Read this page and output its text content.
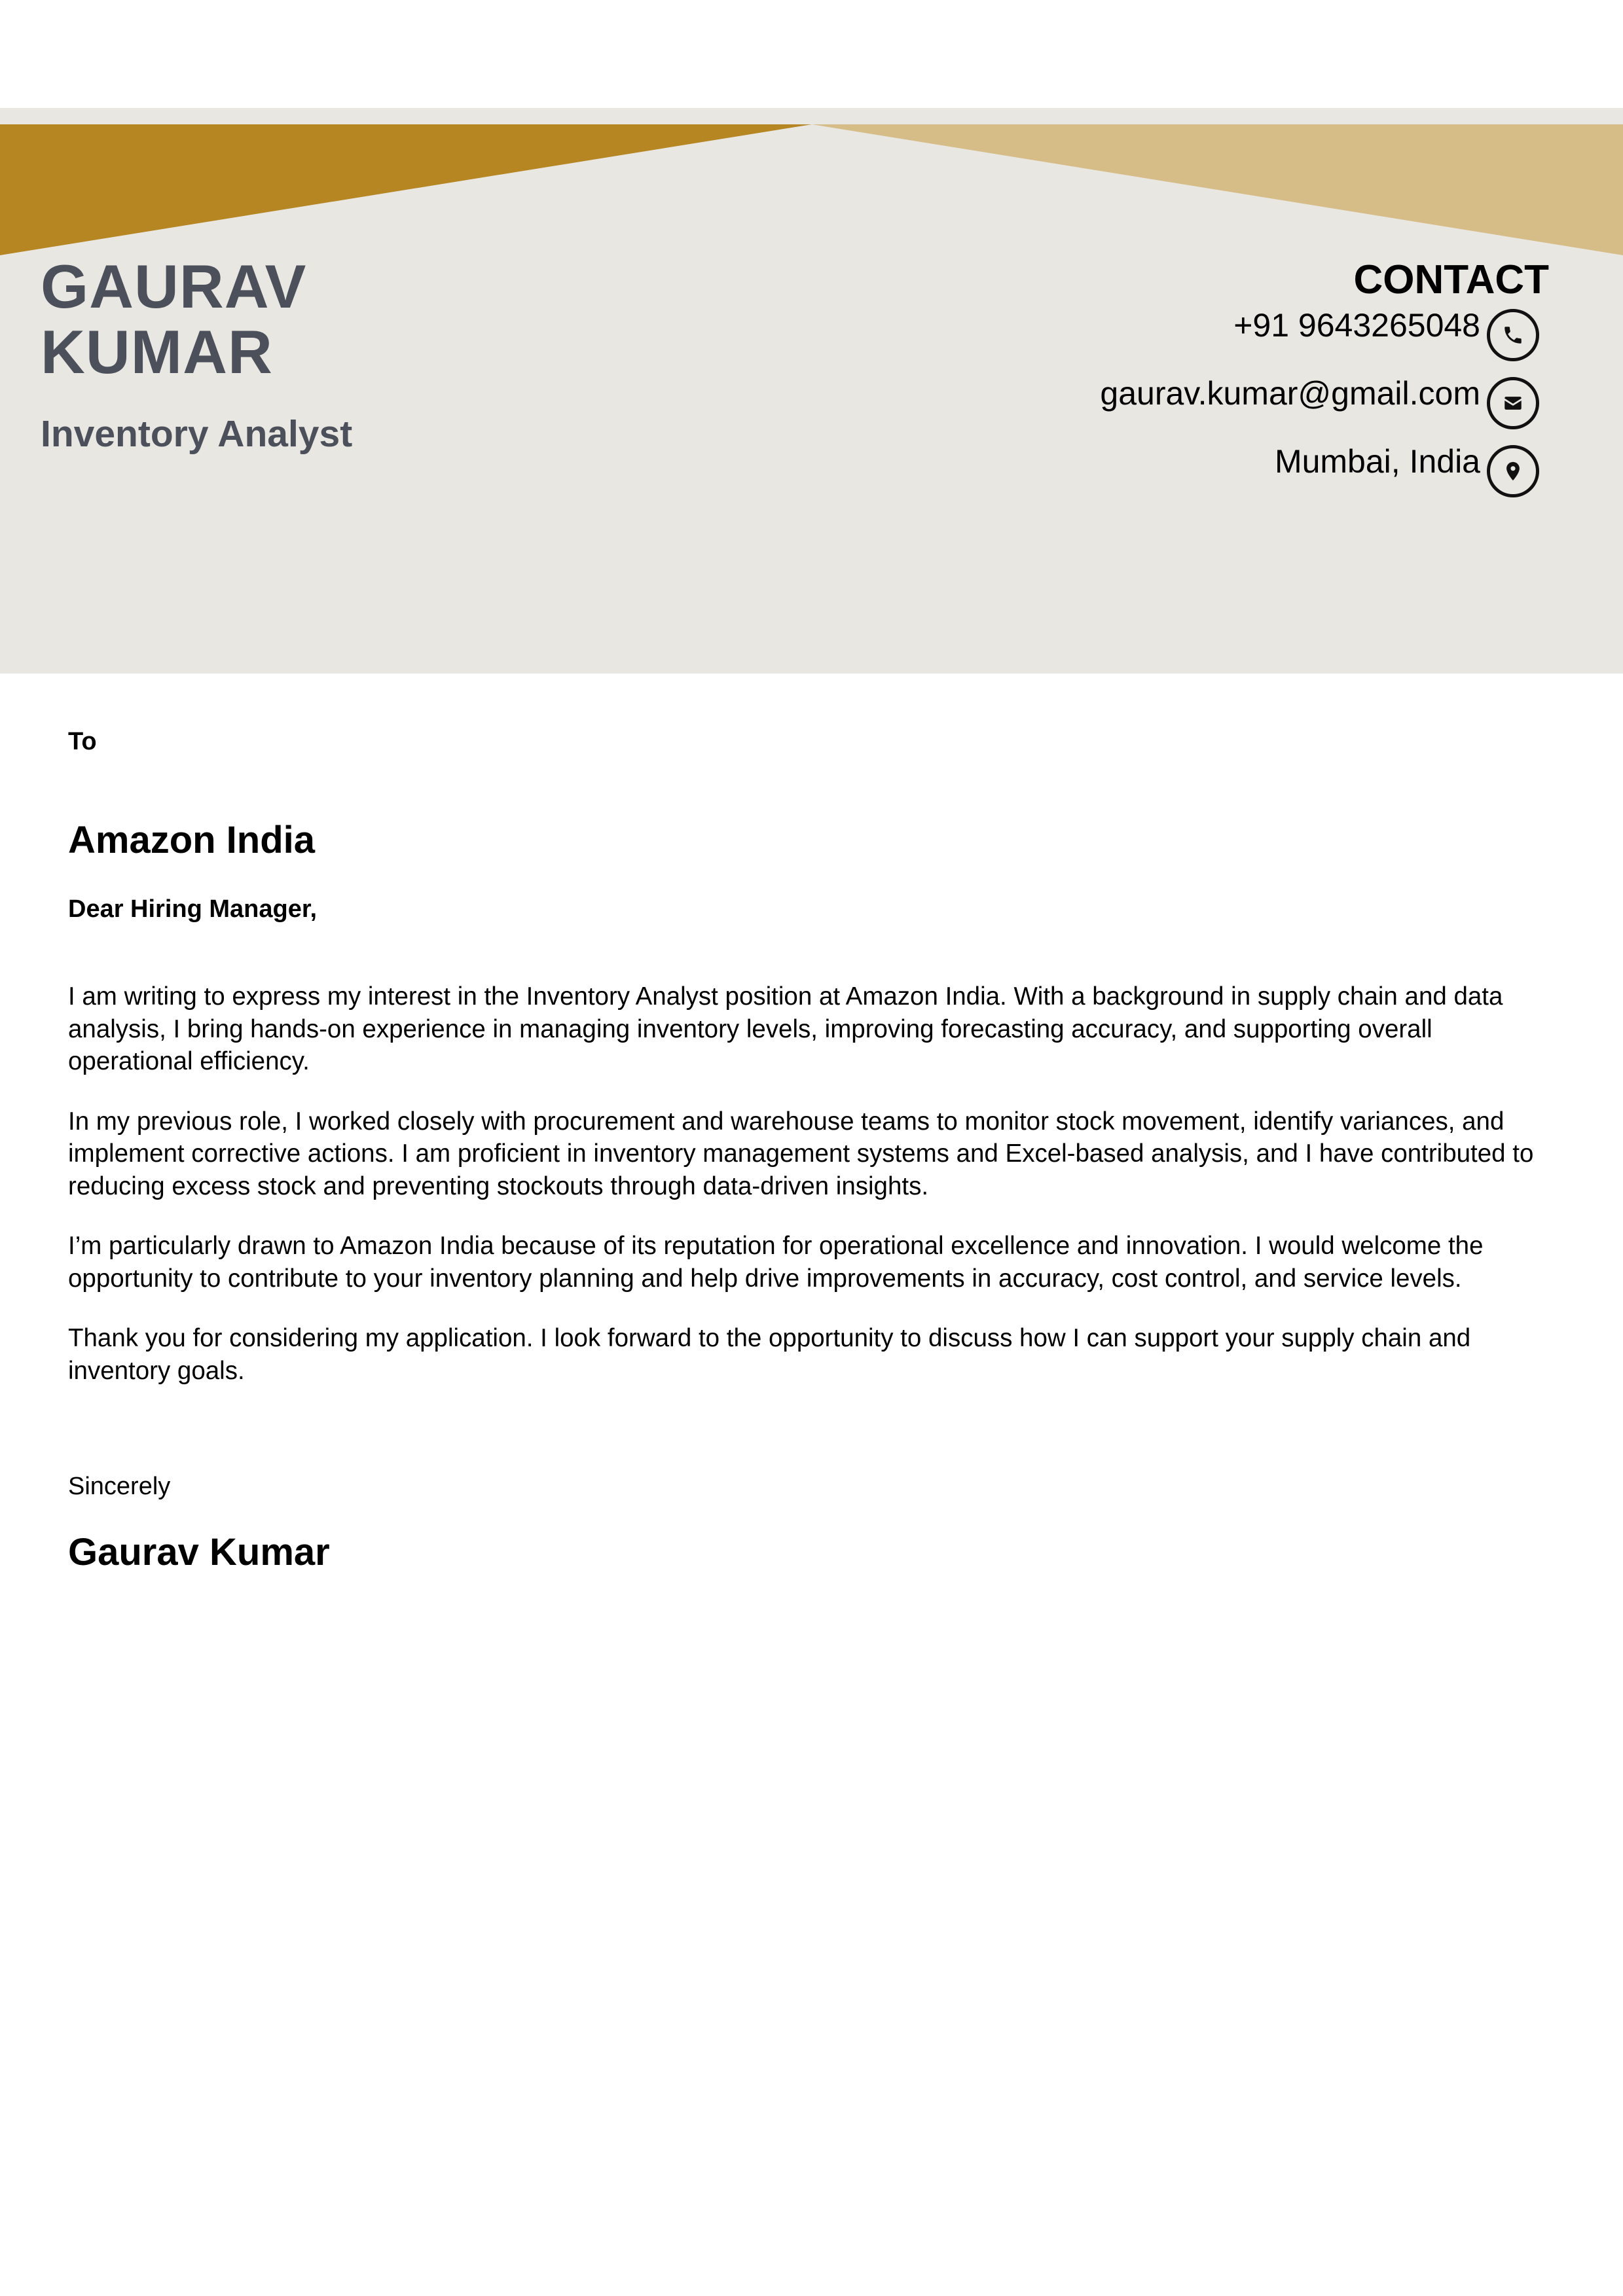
GAURAV
KUMAR
Inventory Analyst
CONTACT
+91 9643265048
gaurav.kumar@gmail.com
Mumbai, India
To
Amazon India
Dear Hiring Manager,

I am writing to express my interest in the Inventory Analyst position at Amazon India. With a background in supply chain and data analysis, I bring hands-on experience in managing inventory levels, improving forecasting accuracy, and supporting overall operational efficiency.

In my previous role, I worked closely with procurement and warehouse teams to monitor stock movement, identify variances, and implement corrective actions. I am proficient in inventory management systems and Excel-based analysis, and I have contributed to reducing excess stock and preventing stockouts through data-driven insights.

I’m particularly drawn to Amazon India because of its reputation for operational excellence and innovation. I would welcome the opportunity to contribute to your inventory planning and help drive improvements in accuracy, cost control, and service levels.

Thank you for considering my application. I look forward to the opportunity to discuss how I can support your supply chain and inventory goals.

Sincerely
Gaurav Kumar
